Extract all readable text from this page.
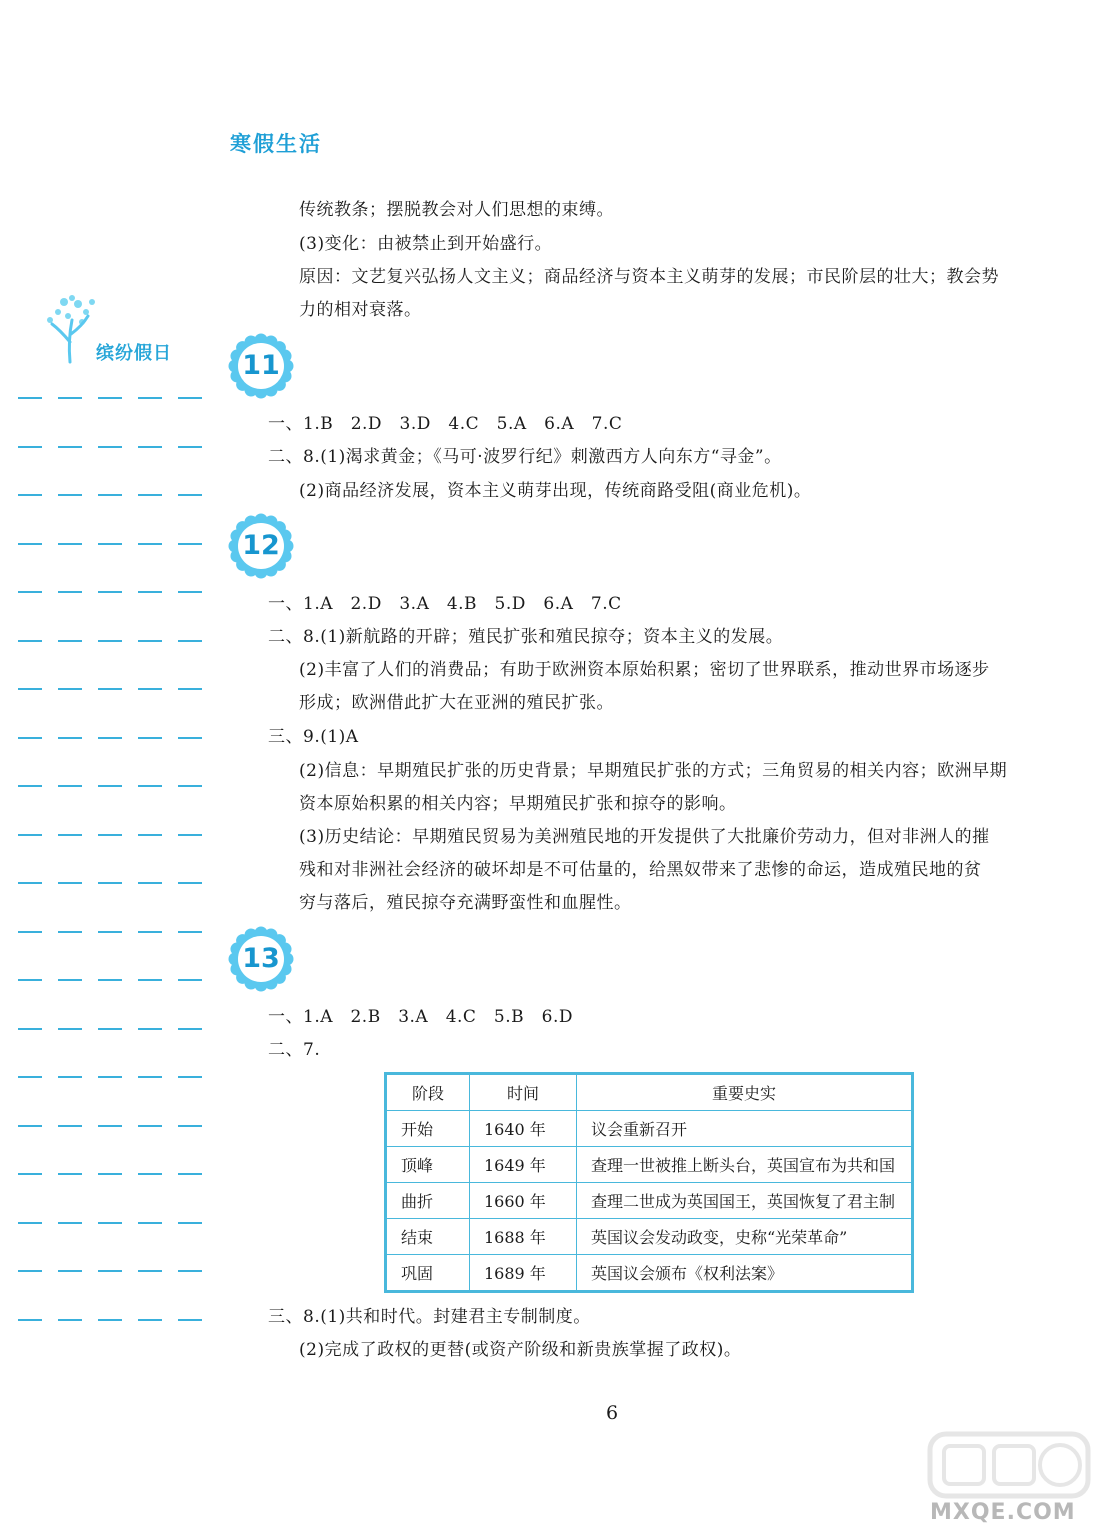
寒假生活
缤纷假日
传统教条；摆脱教会对人们思想的束缚。
(3)变化：由被禁止到开始盛行。
原因：文艺复兴弘扬人文主义；商品经济与资本主义萌芽的发展；市民阶层的壮大；教会势
力的相对衰落。
11
一、1.B　2.D　3.D　4.C　5.A　6.A　7.C
二、8.(1)渴求黄金；《马可·波罗行纪》刺激西方人向东方“寻金”。
(2)商品经济发展，资本主义萌芽出现，传统商路受阻(商业危机)。
12
一、1.A　2.D　3.A　4.B　5.D　6.A　7.C
二、8.(1)新航路的开辟；殖民扩张和殖民掠夺；资本主义的发展。
(2)丰富了人们的消费品；有助于欧洲资本原始积累；密切了世界联系，推动世界市场逐步
形成；欧洲借此扩大在亚洲的殖民扩张。
三、9.(1)A
(2)信息：早期殖民扩张的历史背景；早期殖民扩张的方式；三角贸易的相关内容；欧洲早期
资本原始积累的相关内容；早期殖民扩张和掠夺的影响。
(3)历史结论：早期殖民贸易为美洲殖民地的开发提供了大批廉价劳动力，但对非洲人的摧
残和对非洲社会经济的破坏却是不可估量的，给黑奴带来了悲惨的命运，造成殖民地的贫
穷与落后，殖民掠夺充满野蛮性和血腥性。
13
一、1.A　2.B　3.A　4.C　5.B　6.D
二、7.
阶段	时间	重要史实
开始	1640 年	议会重新召开
顶峰	1649 年	查理一世被推上断头台，英国宣布为共和国
曲折	1660 年	查理二世成为英国国王，英国恢复了君主制
结束	1688 年	英国议会发动政变，史称“光荣革命”
巩固	1689 年	英国议会颁布《权利法案》
三、8.(1)共和时代。封建君主专制制度。
(2)完成了政权的更替(或资产阶级和新贵族掌握了政权)。
6
MXQE.COM
